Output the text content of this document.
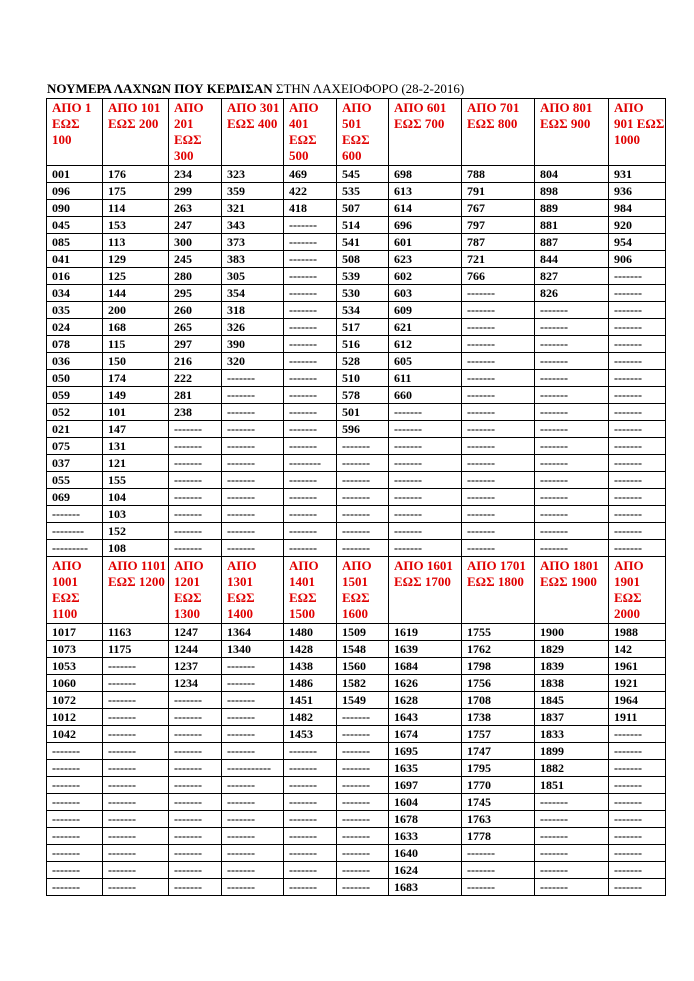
ΝΟΥΜΕΡΑ ΛΑΧΝΩΝ ΠΟΥ ΚΕΡΔΙΣΑΝ ΣΤΗΝ ΛΑΧΕΙΟΦΟΡΟ (28-2-2016)
ΑΠΟ 1 ΕΩΣ 100	ΑΠΟ 101 ΕΩΣ 200	ΑΠΟ 201 ΕΩΣ 300	ΑΠΟ 301 ΕΩΣ 400	ΑΠΟ 401 ΕΩΣ 500	ΑΠΟ 501 ΕΩΣ 600	ΑΠΟ 601 ΕΩΣ 700	ΑΠΟ 701 ΕΩΣ 800	ΑΠΟ 801 ΕΩΣ 900	ΑΠΟ 901 ΕΩΣ 1000
001	176	234	323	469	545	698	788	804	931
096	175	299	359	422	535	613	791	898	936
090	114	263	321	418	507	614	767	889	984
045	153	247	343	-------	514	696	797	881	920
085	113	300	373	-------	541	601	787	887	954
041	129	245	383	-------	508	623	721	844	906
016	125	280	305	-------	539	602	766	827	-------
034	144	295	354	-------	530	603	-------	826	-------
035	200	260	318	-------	534	609	-------	-------	-------
024	168	265	326	-------	517	621	-------	-------	-------
078	115	297	390	-------	516	612	-------	-------	-------
036	150	216	320	-------	528	605	-------	-------	-------
050	174	222	-------	-------	510	611	-------	-------	-------
059	149	281	-------	-------	578	660	-------	-------	-------
052	101	238	-------	-------	501	-------	-------	-------	-------
021	147	-------	-------	-------	596	-------	-------	-------	-------
075	131	-------	-------	-------	-------	-------	-------	-------	-------
037	121	-------	-------	--------	-------	-------	-------	-------	-------
055	155	-------	-------	-------	-------	-------	-------	-------	-------
069	104	-------	-------	-------	-------	-------	-------	-------	-------
-------	103	-------	-------	-------	-------	-------	-------	-------	-------
--------	152	-------	-------	-------	-------	-------	-------	-------	-------
---------	108	-------	-------	-------	-------	-------	-------	-------	-------
ΑΠΟ 1001 ΕΩΣ 1100	ΑΠΟ 1101 ΕΩΣ 1200	ΑΠΟ 1201 ΕΩΣ 1300	ΑΠΟ 1301 ΕΩΣ 1400	ΑΠΟ 1401 ΕΩΣ 1500	ΑΠΟ 1501 ΕΩΣ 1600	ΑΠΟ 1601 ΕΩΣ 1700	ΑΠΟ 1701 ΕΩΣ 1800	ΑΠΟ 1801 ΕΩΣ 1900	ΑΠΟ 1901 ΕΩΣ 2000
1017	1163	1247	1364	1480	1509	1619	1755	1900	1988
1073	1175	1244	1340	1428	1548	1639	1762	1829	142
1053	-------	1237	-------	1438	1560	1684	1798	1839	1961
1060	-------	1234	-------	1486	1582	1626	1756	1838	1921
1072	-------	-------	-------	1451	1549	1628	1708	1845	1964
1012	-------	-------	-------	1482	-------	1643	1738	1837	1911
1042	-------	-------	-------	1453	-------	1674	1757	1833	-------
-------	-------	-------	-------	-------	-------	1695	1747	1899	-------
-------	-------	-------	-----------	-------	-------	1635	1795	1882	-------
-------	-------	-------	-------	-------	-------	1697	1770	1851	-------
-------	-------	-------	-------	-------	-------	1604	1745	-------	-------
-------	-------	-------	-------	-------	-------	1678	1763	-------	-------
-------	-------	-------	-------	-------	-------	1633	1778	-------	-------
-------	-------	-------	-------	-------	-------	1640	-------	-------	-------
-------	-------	-------	-------	-------	-------	1624	-------	-------	-------
-------	-------	-------	-------	-------	-------	1683	-------	-------	-------
